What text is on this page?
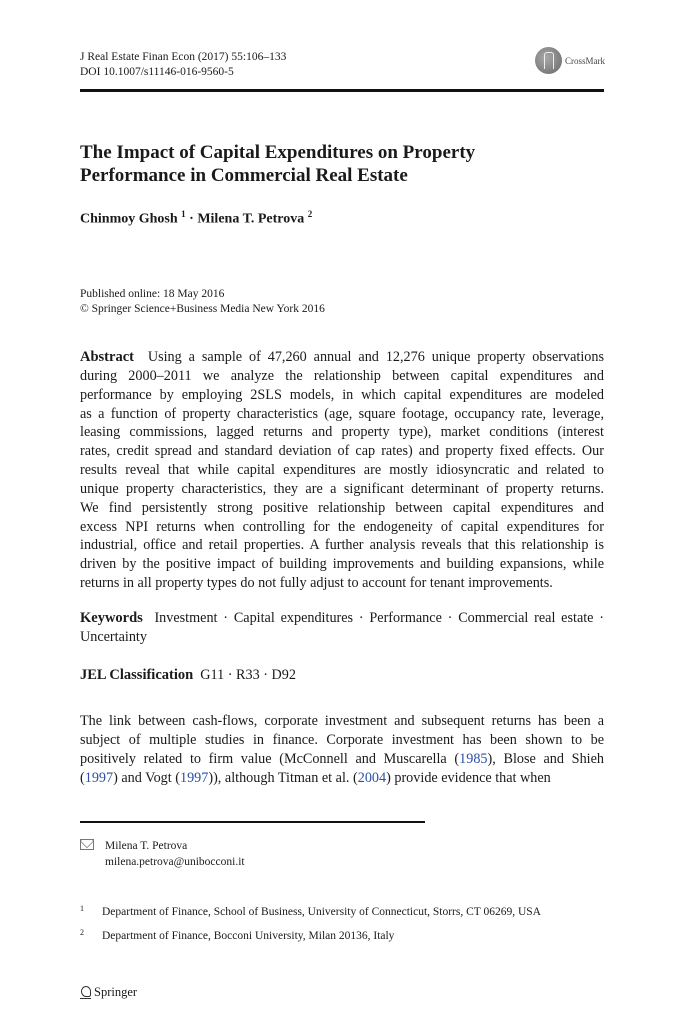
J Real Estate Finan Econ (2017) 55:106–133
DOI 10.1007/s11146-016-9560-5
CrossMark
The Impact of Capital Expenditures on Property
Performance in Commercial Real Estate
Chinmoy Ghosh $^1$ · Milena T. Petrova $^2$
Published online: 18 May 2016
© Springer Science+Business Media New York 2016
Abstract Using a sample of 47,260 annual and 12,276 unique property observations
during 2000–2011 we analyze the relationship between capital expenditures and
performance by employing 2SLS models, in which capital expenditures are modeled
as a function of property characteristics (age, square footage, occupancy rate, leverage,
leasing commissions, lagged returns and property type), market conditions (interest
rates, credit spread and standard deviation of cap rates) and property fixed effects. Our
results reveal that while capital expenditures are mostly idiosyncratic and related to
unique property characteristics, they are a significant determinant of property returns.
We find persistently strong positive relationship between capital expenditures and
excess NPI returns when controlling for the endogeneity of capital expenditures for
industrial, office and retail properties. A further analysis reveals that this relationship is
driven by the positive impact of building improvements and building expansions, while
returns in all property types do not fully adjust to account for tenant improvements.
Keywords Investment · Capital expenditures · Performance · Commercial real estate ·
Uncertainty
JEL Classification G11 · R33 · D92
The link between cash-flows, corporate investment and subsequent returns has been a
subject of multiple studies in finance. Corporate investment has been shown to be
positively related to firm value (McConnell and Muscarella (1985), Blose and Shieh
(1997) and Vogt (1997)), although Titman et al. (2004) provide evidence that when
Milena T. Petrova
milena.petrova@unibocconi.it
$^1$ Department of Finance, School of Business, University of Connecticut, Storrs, CT 06269, USA
$^2$ Department of Finance, Bocconi University, Milan 20136, Italy
Springer
